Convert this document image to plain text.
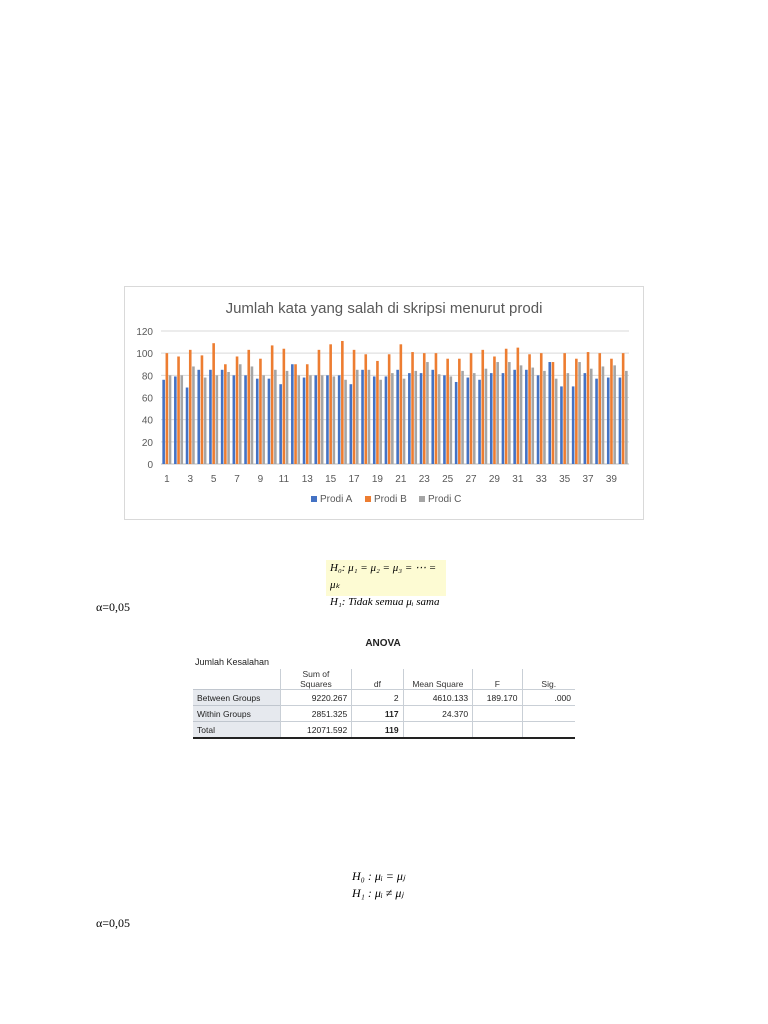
Jumlah kata yang salah di skripsi menurut prodi
0
20
40
60
80
100
120
1 3 5 7 9 11 13 15 17 19 21 23 25 27 29 31 33 35 37 39
Prodi A Prodi B Prodi C
H₀: μ₁ = μ₂ = μ₃ = ⋯ = μₖ
H₁: Tidak semua μᵢ sama
α=0,05
ANOVA
Jumlah Kesalahan
	Sum of
Squares	df	Mean Square	F	Sig.
Between Groups	9220.267	2	4610.133	189.170	.000
Within Groups	2851.325	117	24.370		
Total	12071.592	119			
H₀ : μᵢ = μⱼ
H₁ : μᵢ ≠ μⱼ
α=0,05
